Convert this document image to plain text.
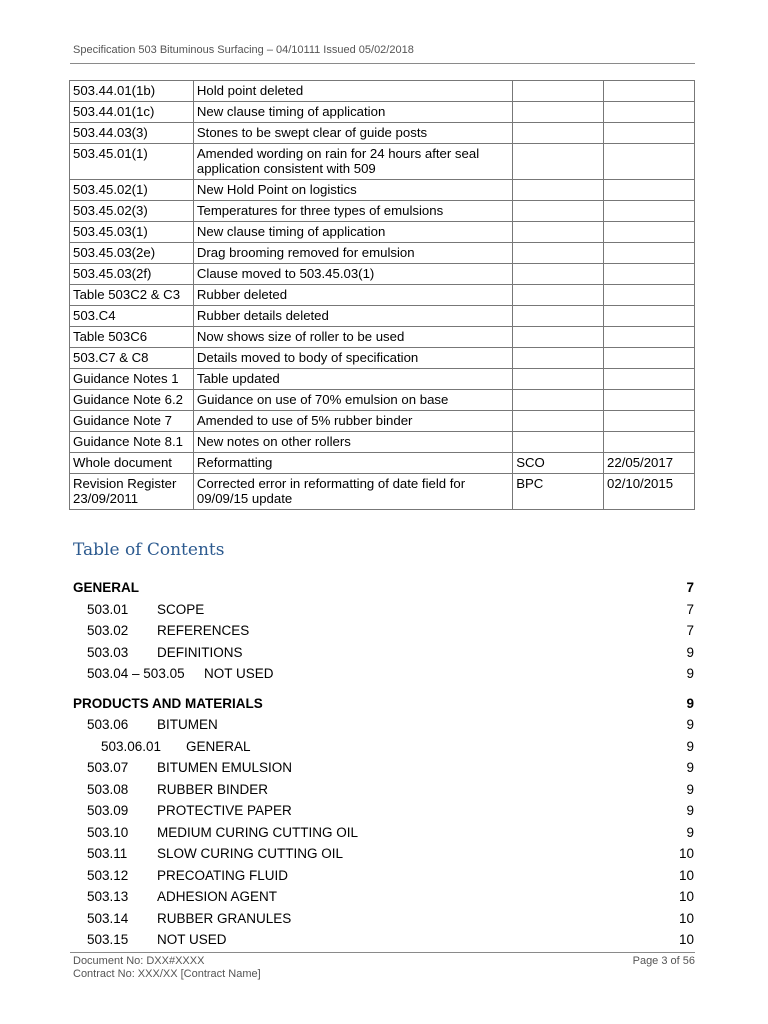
Specification 503 Bituminous Surfacing – 04/10111 Issued 05/02/2018
503.44.01(1b)	Hold point deleted		
503.44.01(1c)	New clause timing of application		
503.44.03(3)	Stones to be swept clear of guide posts		
503.45.01(1)	Amended wording on rain for 24 hours after seal application consistent with 509		
503.45.02(1)	New Hold Point on logistics		
503.45.02(3)	Temperatures for three types of emulsions		
503.45.03(1)	New clause timing of application		
503.45.03(2e)	Drag brooming removed for emulsion		
503.45.03(2f)	Clause moved to 503.45.03(1)		
Table 503C2 & C3	Rubber deleted		
503.C4	Rubber details deleted		
Table 503C6	Now shows size of roller to be used		
503.C7 & C8	Details moved to body of specification		
Guidance Notes 1	Table updated		
Guidance Note 6.2	Guidance on use of 70% emulsion on base		
Guidance Note 7	Amended to use of 5% rubber binder		
Guidance Note 8.1	New notes on other rollers		
Whole document	Reformatting	SCO	22/05/2017
Revision Register 23/09/2011	Corrected error in reformatting of date field for 09/09/15 update	BPC	02/10/2015
Table of Contents
GENERAL	7
503.01 SCOPE	7
503.02 REFERENCES	7
503.03 DEFINITIONS	9
503.04 – 503.05 NOT USED	9
PRODUCTS AND MATERIALS	9
503.06 BITUMEN	9
503.06.01 GENERAL	9
503.07 BITUMEN EMULSION	9
503.08 RUBBER BINDER	9
503.09 PROTECTIVE PAPER	9
503.10 MEDIUM CURING CUTTING OIL	9
503.11 SLOW CURING CUTTING OIL	10
503.12 PRECOATING FLUID	10
503.13 ADHESION AGENT	10
503.14 RUBBER GRANULES	10
503.15 NOT USED	10
Document No: DXX#XXXX
Contract No: XXX/XX [Contract Name]
Page 3 of 56
